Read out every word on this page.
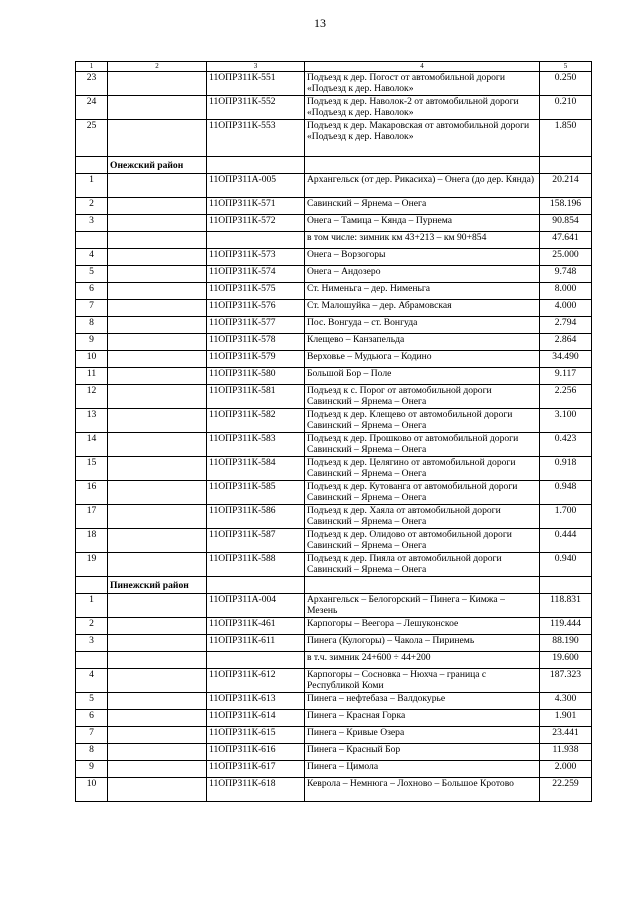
13
1	2	3	4	5
23		11ОПРЗ11К-551	Подъезд к дер. Погост от автомобильной дороги «Подъезд к дер. Наволок»	0.250
24		11ОПРЗ11К-552	Подъезд к дер. Наволок-2 от автомобильной дороги «Подъезд к дер. Наволок»	0.210
25		11ОПРЗ11К-553	Подъезд к дер. Макаровская от автомобильной дороги «Подъезд к дер. Наволок»	1.850
	Онежский район			
1		11ОПРЗ11А-005	Архангельск (от дер. Рикасиха) – Онега (до дер. Кянда)	20.214
2		11ОПРЗ11К-571	Савинский – Ярнема – Онега	158.196
3		11ОПРЗ11К-572	Онега – Тамица – Кянда – Пурнема	90.854
			в том числе: зимник км 43+213 – км 90+854	47.641
4		11ОПРЗ11К-573	Онега – Ворзогоры	25.000
5		11ОПРЗ11К-574	Онега – Андозеро	9.748
6		11ОПРЗ11К-575	Ст. Нименьга – дер. Нименьга	8.000
7		11ОПРЗ11К-576	Ст. Малошуйка – дер. Абрамовская	4.000
8		11ОПРЗ11К-577	Пос. Вонгуда – ст. Вонгуда	2.794
9		11ОПРЗ11К-578	Клещево – Канзапельда	2.864
10		11ОПРЗ11К-579	Верховье – Мудьюга – Кодино	34.490
11		11ОПРЗ11К-580	Большой Бор – Поле	9.117
12		11ОПРЗ11К-581	Подъезд к с. Порог от автомобильной дороги Савинский – Ярнема – Онега	2.256
13		11ОПРЗ11К-582	Подъезд к дер. Клещево от автомобильной дороги Савинский – Ярнема – Онега	3.100
14		11ОПРЗ11К-583	Подъезд к дер. Прошково от автомобильной дороги Савинский – Ярнема – Онега	0.423
15		11ОПРЗ11К-584	Подъезд к дер. Целягино от автомобильной дороги Савинский – Ярнема – Онега	0.918
16		11ОПРЗ11К-585	Подъезд к дер. Кутованга от автомобильной дороги Савинский – Ярнема – Онега	0.948
17		11ОПРЗ11К-586	Подъезд к дер. Хаяла от автомобильной дороги Савинский – Ярнема – Онега	1.700
18		11ОПРЗ11К-587	Подъезд к дер. Олидово от автомобильной дороги Савинский – Ярнема – Онега	0.444
19		11ОПРЗ11К-588	Подъезд к дер. Пияла от автомобильной дороги Савинский – Ярнема – Онега	0.940
	Пинежский район			
1		11ОПРЗ11А-004	Архангельск – Белогорский – Пинега – Кимжа – Мезень	118.831
2		11ОПРЗ11К-461	Карпогоры – Веегора – Лешуконское	119.444
3		11ОПРЗ11К-611	Пинега (Кулогоры) – Чакола – Пиринемь	88.190
			в т.ч. зимник 24+600 ÷ 44+200	19.600
4		11ОПРЗ11К-612	Карпогоры – Сосновка – Нюхча – граница с Республикой Коми	187.323
5		11ОПРЗ11К-613	Пинега – нефтебаза – Валдокурье	4.300
6		11ОПРЗ11К-614	Пинега – Красная Горка	1.901
7		11ОПРЗ11К-615	Пинега – Кривые Озера	23.441
8		11ОПРЗ11К-616	Пинега – Красный Бор	11.938
9		11ОПРЗ11К-617	Пинега – Цимола	2.000
10		11ОПРЗ11К-618	Кеврола – Немнюга – Лохново – Большое Кротово	22.259
